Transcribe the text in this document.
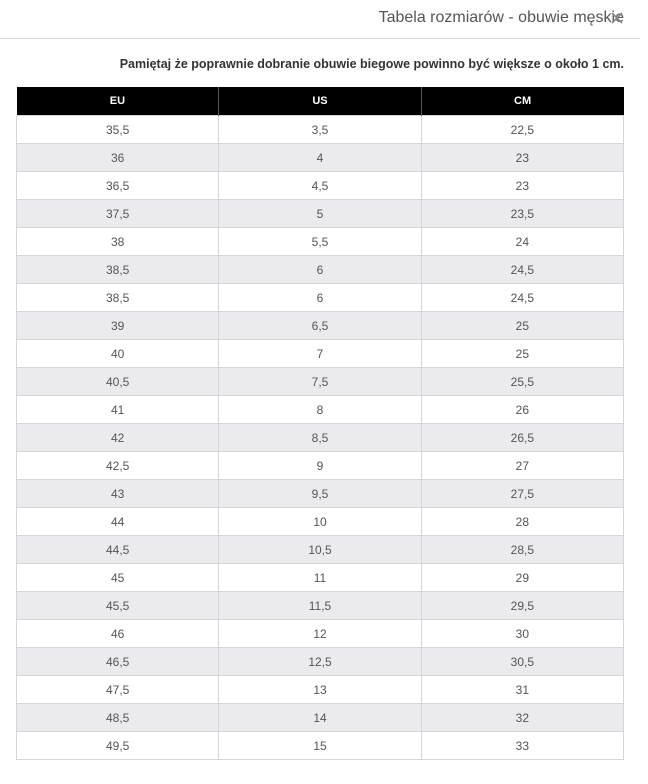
Tabela rozmiarów - obuwie męskie
Pamiętaj że poprawnie dobranie obuwie biegowe powinno być większe o około 1 cm.
EU	US	CM
35,5	3,5	22,5
36	4	23
36,5	4,5	23
37,5	5	23,5
38	5,5	24
38,5	6	24,5
38,5	6	24,5
39	6,5	25
40	7	25
40,5	7,5	25,5
41	8	26
42	8,5	26,5
42,5	9	27
43	9,5	27,5
44	10	28
44,5	10,5	28,5
45	11	29
45,5	11,5	29,5
46	12	30
46,5	12,5	30,5
47,5	13	31
48,5	14	32
49,5	15	33
